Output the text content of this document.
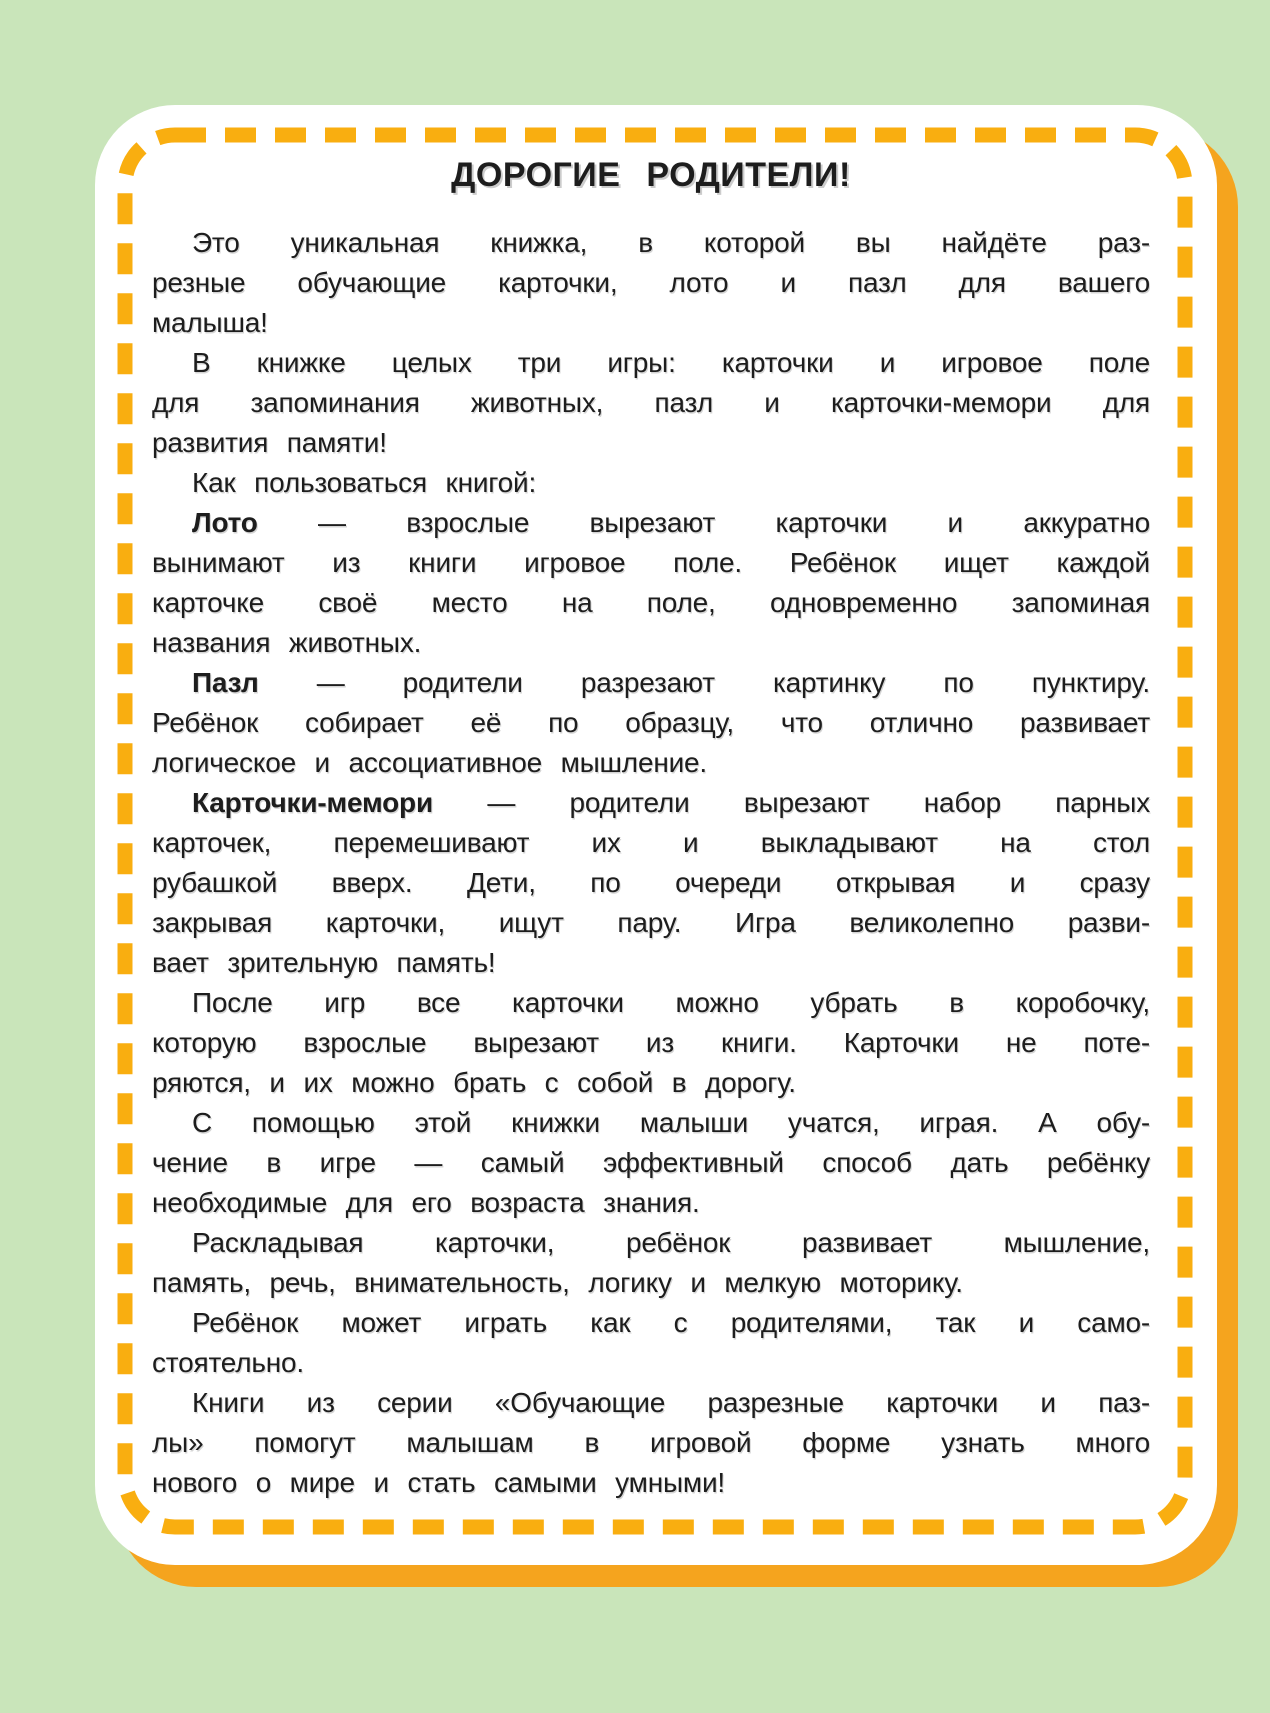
ДОРОГИЕ РОДИТЕЛИ!
Это уникальная книжка, в которой вы найдёте раз-
резные обучающие карточки, лото и пазл для вашего
малыша!
В книжке целых три игры: карточки и игровое поле
для запоминания животных, пазл и карточки-мемори для
развития памяти!
Как пользоваться книгой:
Лото — взрослые вырезают карточки и аккуратно
вынимают из книги игровое поле. Ребёнок ищет каждой
карточке своё место на поле, одновременно запоминая
названия животных.
Пазл — родители разрезают картинку по пунктиру.
Ребёнок собирает её по образцу, что отлично развивает
логическое и ассоциативное мышление.
Карточки-мемори — родители вырезают набор парных
карточек, перемешивают их и выкладывают на стол
рубашкой вверх. Дети, по очереди открывая и сразу
закрывая карточки, ищут пару. Игра великолепно разви-
вает зрительную память!
После игр все карточки можно убрать в коробочку,
которую взрослые вырезают из книги. Карточки не поте-
ряются, и их можно брать с собой в дорогу.
С помощью этой книжки малыши учатся, играя. А обу-
чение в игре — самый эффективный способ дать ребёнку
необходимые для его возраста знания.
Раскладывая карточки, ребёнок развивает мышление,
память, речь, внимательность, логику и мелкую моторику.
Ребёнок может играть как с родителями, так и само-
стоятельно.
Книги из серии «Обучающие разрезные карточки и паз-
лы» помогут малышам в игровой форме узнать много
нового о мире и стать самыми умными!
